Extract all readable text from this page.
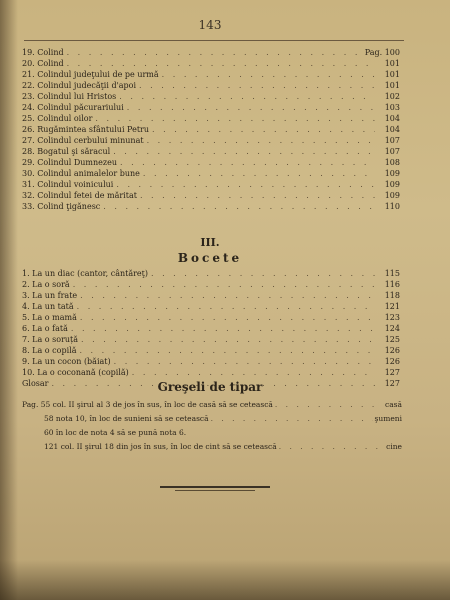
143
19. Colind . . .	Pag. 100
20. Colind . . .	101
21. Colindul judeţului de pe urmă . . .	101
22. Colindul judecăţii d'apoi . . .	101
23. Colindul lui Hristos . . .	102
24. Colindul păcurariului . . .	103
25. Colindul oilor . . .	104
26. Rugămintea sfântului Petru . . .	104
27. Colindul cerbului minunat . . .	107
28. Bogatul şi săracul . . .	107
29. Colindul Dumnezeu . . .	108
30. Colindul animalelor bune . . .	109
31. Colindul voinicului . . .	109
32. Colindul fetei de măritat . . .	109
33. Colind ţigănesc . . .	110
III.
Bocete
1. La un diac (cantor, cântăreţ) . . .	115
2. La o soră . . .	116
3. La un frate . . .	118
4. La un tată . . .	121
5. La o mamă . . .	123
6. La o fată . . .	124
7. La o soruță . . .	125
8. La o copilă . . .	126
9. La un cocon (băiat) . . .	126
10. La o coconană (copilă) . . .	127
Glosar . . .	127
Greşeli de tipar
Pag. 55 col. II şirul al 3 de jos în sus, în loc de casă să se cetească . . .	casă
58 nota 10, în loc de sunieni să se cetească . . .	şumeni
60 în loc de nota 4 să se pună nota 6.
121 col. II şirul 18 din jos în sus, în loc de cint să se cetească . . .	cine
